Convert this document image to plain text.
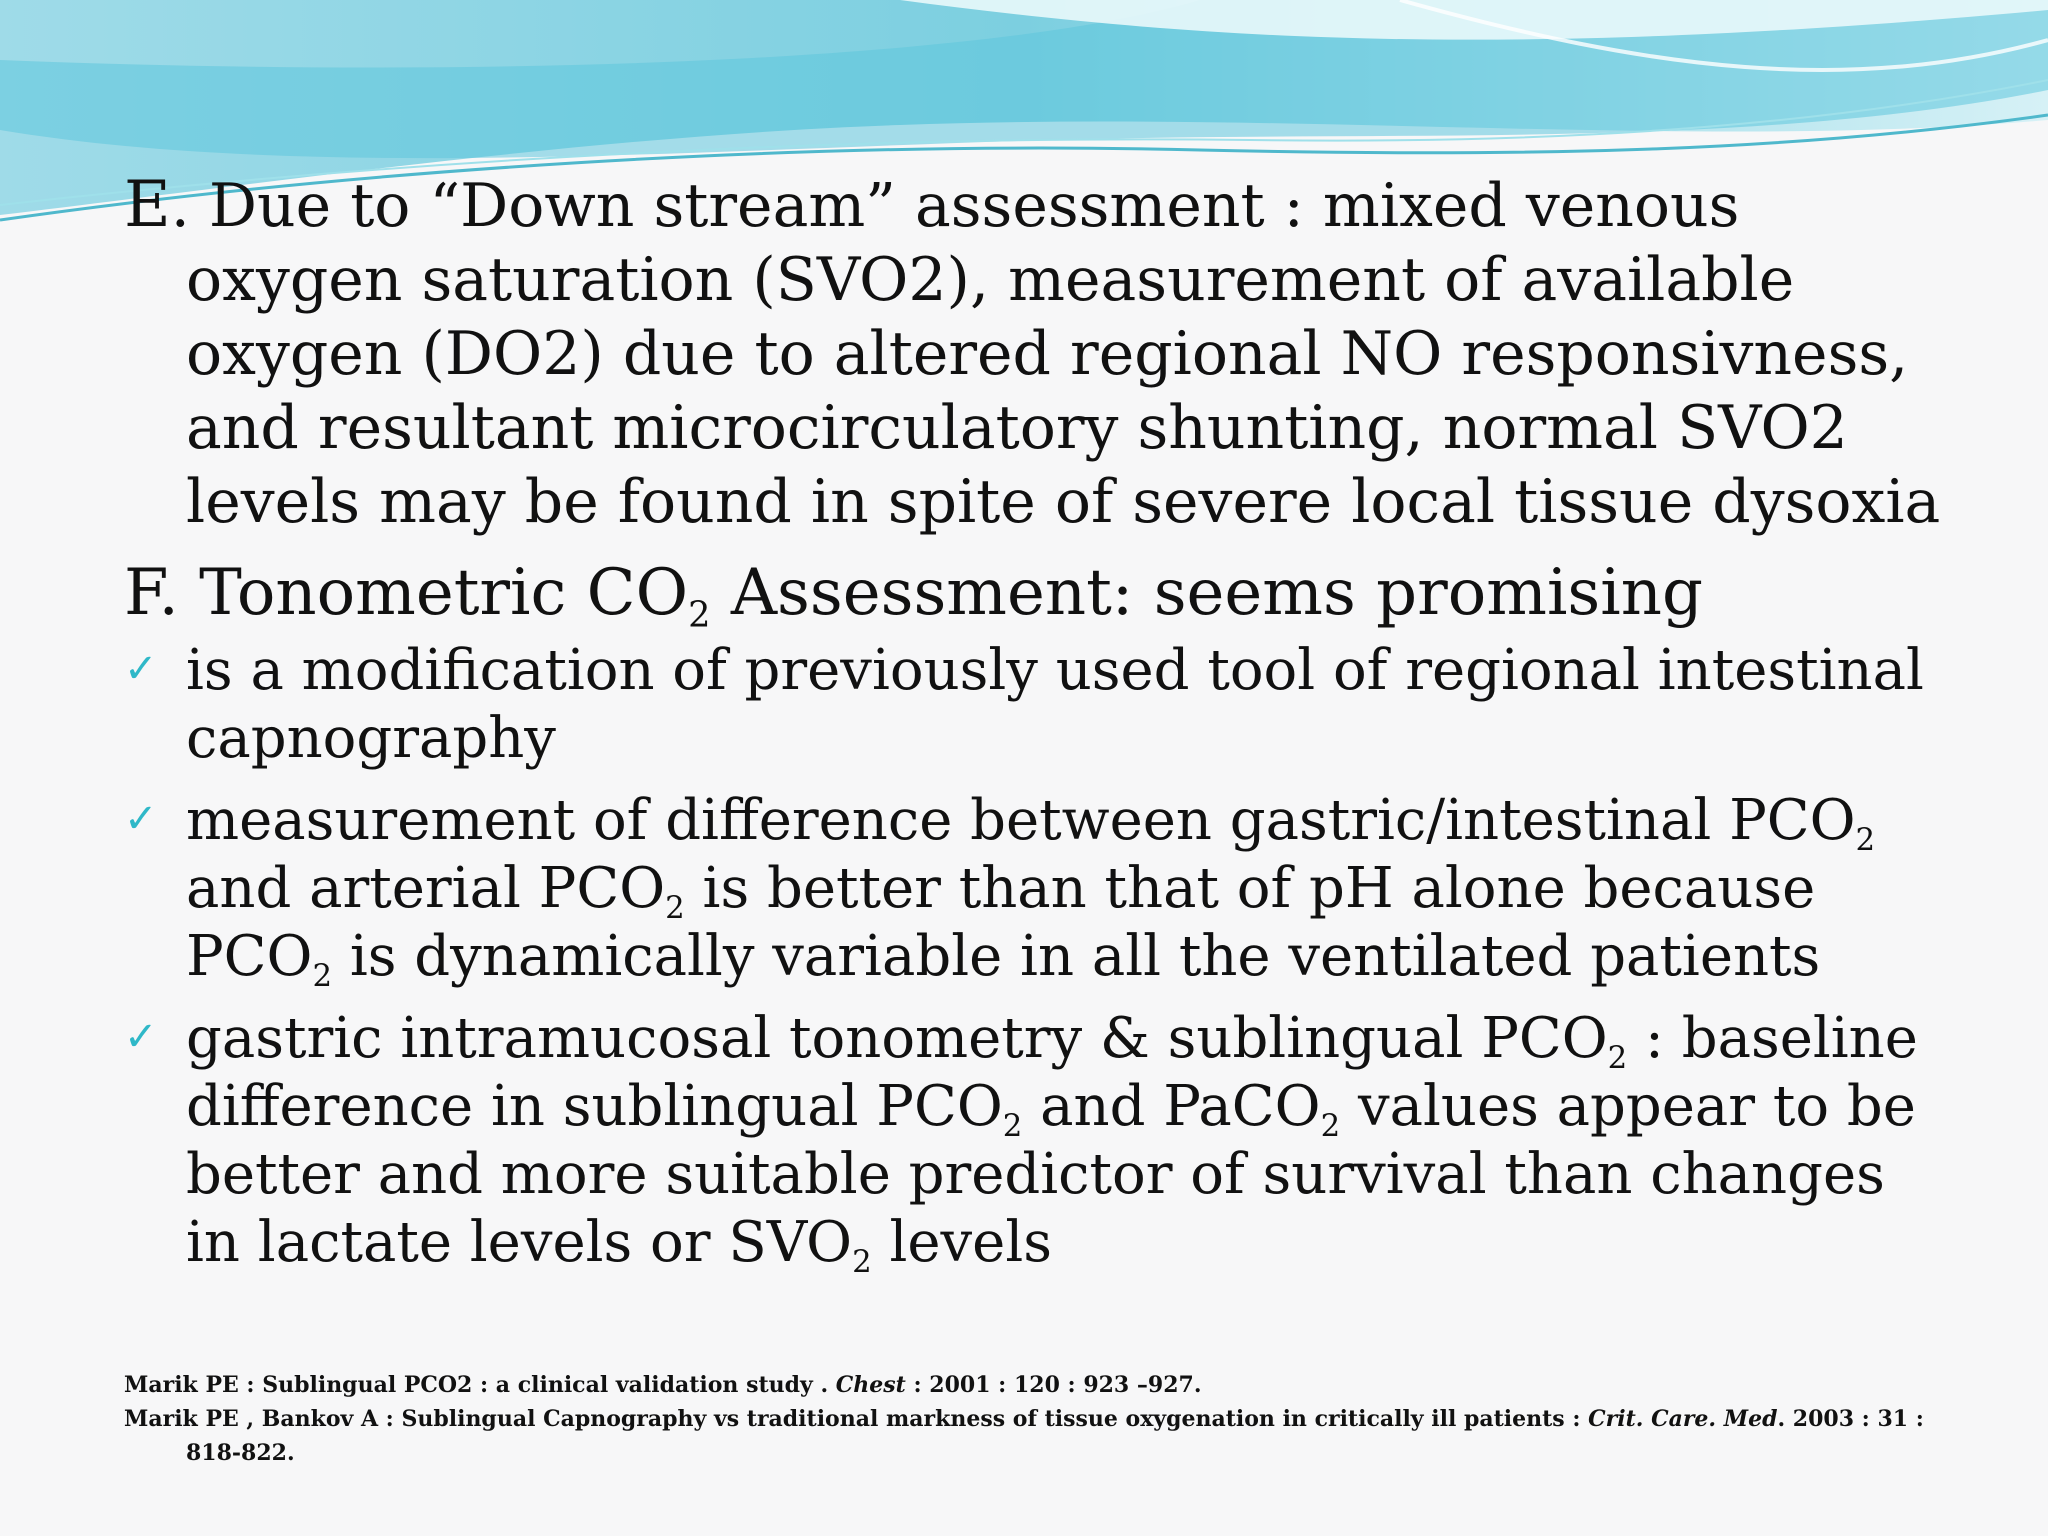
E. Due to “Down stream” assessment : mixed venous oxygen saturation (SVO2), measurement of available oxygen (DO2) due to altered regional NO responsivness, and resultant microcirculatory shunting, normal SVO2 levels may be found in spite of severe local tissue dysoxia

F. Tonometric $CO_2$ Assessment: seems promising

✓ is a modification of previously used tool of regional intestinal capnography
✓ measurement of difference between gastric/intestinal $PCO_2$ and arterial $PCO_2$ is better than that of pH alone because $PCO_2$ is dynamically variable in all the ventilated patients
✓ gastric intramucosal tonometry & sublingual $PCO_2$ : baseline difference in sublingual $PCO_2$ and PaCO$_2$ values appear to be better and more suitable predictor of survival than changes in lactate levels or $SVO_2$ levels

Marik PE : Sublingual PCO2 : a clinical validation study . Chest : 2001 : 120 : 923 –927.

Marik PE , Bankov A : Sublingual Capnography vs traditional markness of tissue oxygenation in critically ill patients : Crit. Care. Med. 2003 : 31 : 818-822.
